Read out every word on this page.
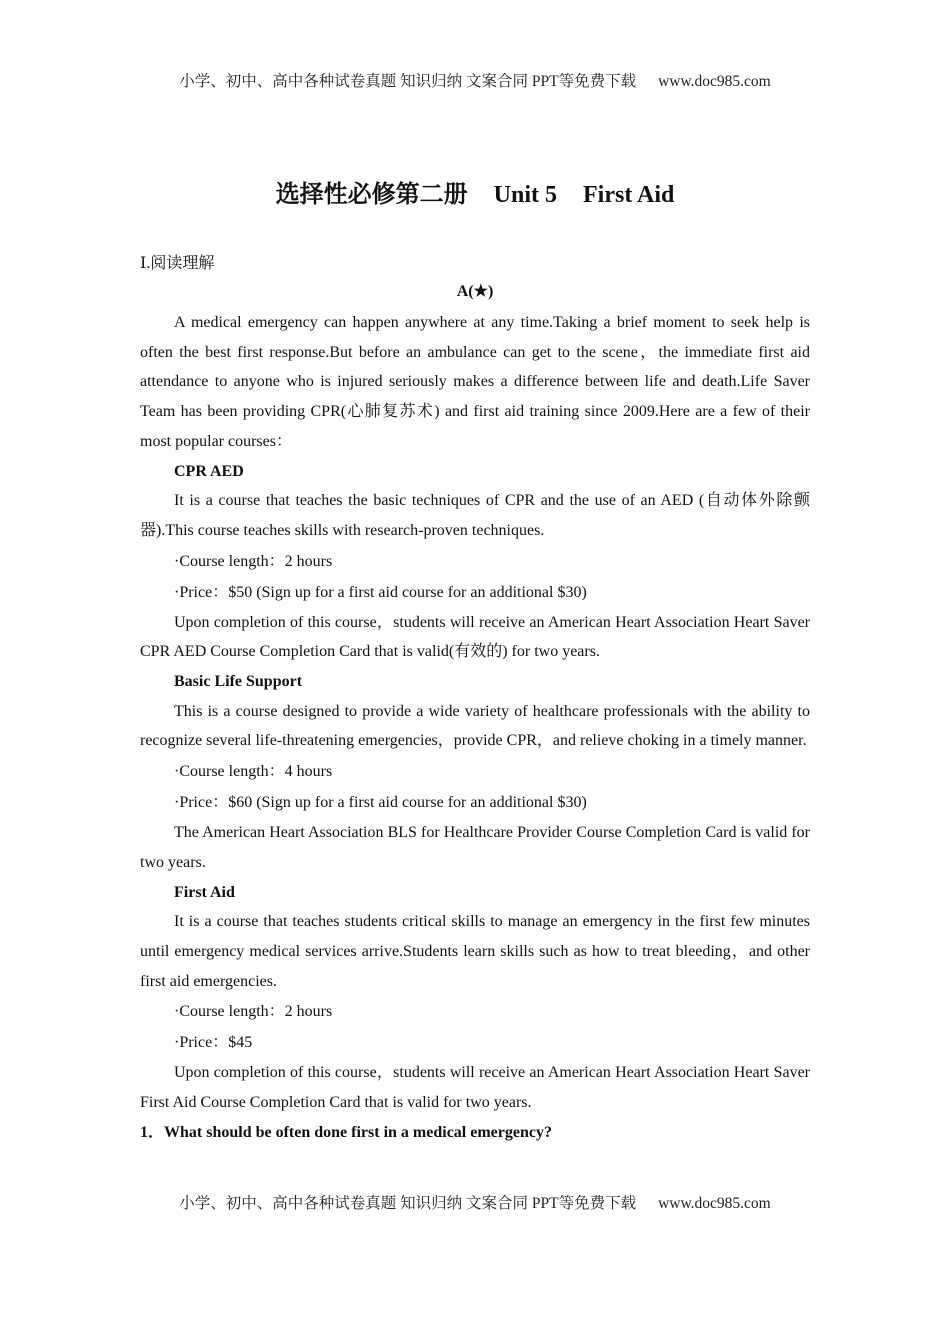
小学、初中、高中各种试卷真题 知识归纳 文案合同 PPT等免费下载 www.doc985.com
选择性必修第二册 Unit 5 First Aid
Ⅰ.阅读理解
A(★)

A medical emergency can happen anywhere at any time.Taking a brief moment to seek help is often the best first response.But before an ambulance can get to the scene，the immediate first aid attendance to anyone who is injured seriously makes a difference between life and death.Life Saver Team has been providing CPR(心肺复苏术) and first aid training since 2009.Here are a few of their most popular courses：

CPR AED

It is a course that teaches the basic techniques of CPR and the use of an AED (自动体外除颤器).This course teaches skills with research-proven techniques.

·Course length：2 hours

·Price：$50 (Sign up for a first aid course for an additional $30)

Upon completion of this course，students will receive an American Heart Association Heart Saver CPR AED Course Completion Card that is valid(有效的) for two years.

Basic Life Support

This is a course designed to provide a wide variety of healthcare professionals with the ability to recognize several life-threatening emergencies，provide CPR，and relieve choking in a timely manner.

·Course length：4 hours

·Price：$60 (Sign up for a first aid course for an additional $30)

The American Heart Association BLS for Healthcare Provider Course Completion Card is valid for two years.

First Aid

It is a course that teaches students critical skills to manage an emergency in the first few minutes until emergency medical services arrive.Students learn skills such as how to treat bleeding，and other first aid emergencies.

·Course length：2 hours

·Price：$45

Upon completion of this course，students will receive an American Heart Association Heart Saver First Aid Course Completion Card that is valid for two years.

1．What should be often done first in a medical emergency?

小学、初中、高中各种试卷真题 知识归纳 文案合同 PPT等免费下载 www.doc985.com
